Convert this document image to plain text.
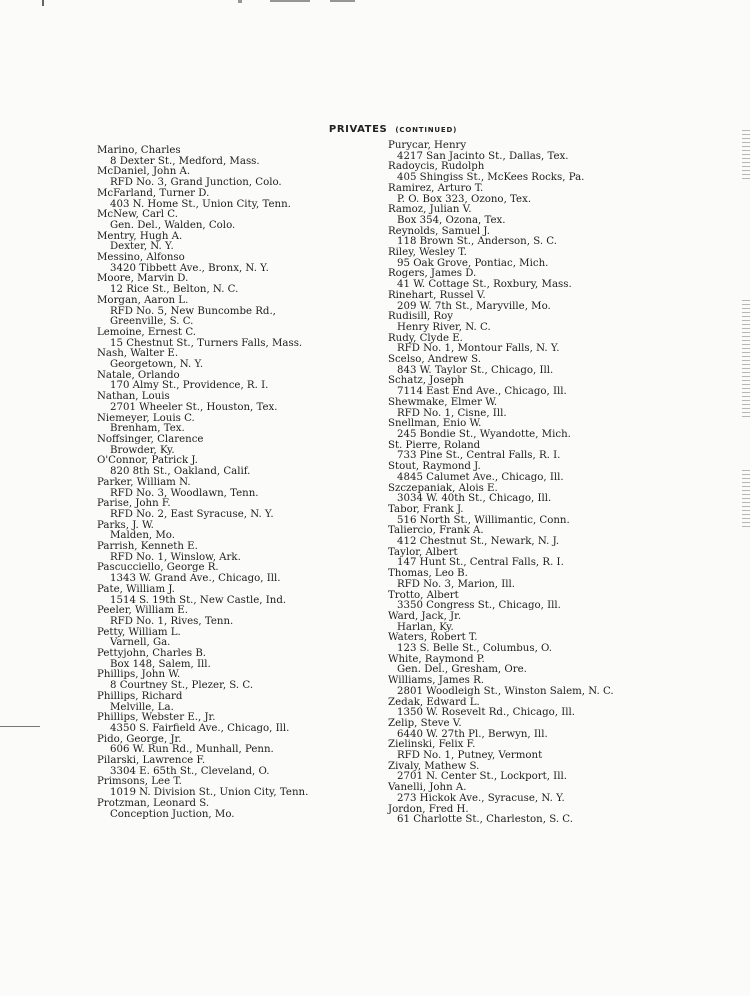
PRIVATES (CONTINUED)
Marino, Charles
8 Dexter St., Medford, Mass.
McDaniel, John A.
RFD No. 3, Grand Junction, Colo.
McFarland, Turner D.
403 N. Home St., Union City, Tenn.
McNew, Carl C.
Gen. Del., Walden, Colo.
Mentry, Hugh A.
Dexter, N. Y.
Messino, Alfonso
3420 Tibbett Ave., Bronx, N. Y.
Moore, Marvin D.
12 Rice St., Belton, N. C.
Morgan, Aaron L.
RFD No. 5, New Buncombe Rd.,
Greenville, S. C.
Lemoine, Ernest C.
15 Chestnut St., Turners Falls, Mass.
Nash, Walter E.
Georgetown, N. Y.
Natale, Orlando
170 Almy St., Providence, R. I.
Nathan, Louis
2701 Wheeler St., Houston, Tex.
Niemeyer, Louis C.
Brenham, Tex.
Noffsinger, Clarence
Browder, Ky.
O'Connor, Patrick J.
820 8th St., Oakland, Calif.
Parker, William N.
RFD No. 3, Woodlawn, Tenn.
Parise, John F.
RFD No. 2, East Syracuse, N. Y.
Parks, J. W.
Malden, Mo.
Parrish, Kenneth E.
RFD No. 1, Winslow, Ark.
Pascucciello, George R.
1343 W. Grand Ave., Chicago, Ill.
Pate, William J.
1514 S. 19th St., New Castle, Ind.
Peeler, William E.
RFD No. 1, Rives, Tenn.
Petty, William L.
Varnell, Ga.
Pettyjohn, Charles B.
Box 148, Salem, Ill.
Phillips, John W.
8 Courtney St., Plezer, S. C.
Phillips, Richard
Melville, La.
Phillips, Webster E., Jr.
4350 S. Fairfield Ave., Chicago, Ill.
Pido, George, Jr.
606 W. Run Rd., Munhall, Penn.
Pilarski, Lawrence F.
3304 E. 65th St., Cleveland, O.
Primsons, Lee T.
1019 N. Division St., Union City, Tenn.
Protzman, Leonard S.
Conception Juction, Mo.
Purycar, Henry
4217 San Jacinto St., Dallas, Tex.
Radoycis, Rudolph
405 Shingiss St., McKees Rocks, Pa.
Ramirez, Arturo T.
P. O. Box 323, Ozono, Tex.
Ramoz, Julian V.
Box 354, Ozona, Tex.
Reynolds, Samuel J.
118 Brown St., Anderson, S. C.
Riley, Wesley T.
95 Oak Grove, Pontiac, Mich.
Rogers, James D.
41 W. Cottage St., Roxbury, Mass.
Rinehart, Russel V.
209 W. 7th St., Maryville, Mo.
Rudisill, Roy
Henry River, N. C.
Rudy, Clyde E.
RFD No. 1, Montour Falls, N. Y.
Scelso, Andrew S.
843 W. Taylor St., Chicago, Ill.
Schatz, Joseph
7114 East End Ave., Chicago, Ill.
Shewmake, Elmer W.
RFD No. 1, Cisne, Ill.
Snellman, Enio W.
245 Bondie St., Wyandotte, Mich.
St. Pierre, Roland
733 Pine St., Central Falls, R. I.
Stout, Raymond J.
4845 Calumet Ave., Chicago, Ill.
Szczepaniak, Alois E.
3034 W. 40th St., Chicago, Ill.
Tabor, Frank J.
516 North St., Willimantic, Conn.
Taliercio, Frank A.
412 Chestnut St., Newark, N. J.
Taylor, Albert
147 Hunt St., Central Falls, R. I.
Thomas, Leo B.
RFD No. 3, Marion, Ill.
Trotto, Albert
3350 Congress St., Chicago, Ill.
Ward, Jack, Jr.
Harlan, Ky.
Waters, Robert T.
123 S. Belle St., Columbus, O.
White, Raymond P.
Gen. Del., Gresham, Ore.
Williams, James R.
2801 Woodleigh St., Winston Salem, N. C.
Zedak, Edward L.
1350 W. Rosevelt Rd., Chicago, Ill.
Zelip, Steve V.
6440 W. 27th Pl., Berwyn, Ill.
Zielinski, Felix F.
RFD No. 1, Putney, Vermont
Zivaly, Mathew S.
2701 N. Center St., Lockport, Ill.
Vanelli, John A.
273 Hickok Ave., Syracuse, N. Y.
Jordon, Fred H.
61 Charlotte St., Charleston, S. C.
